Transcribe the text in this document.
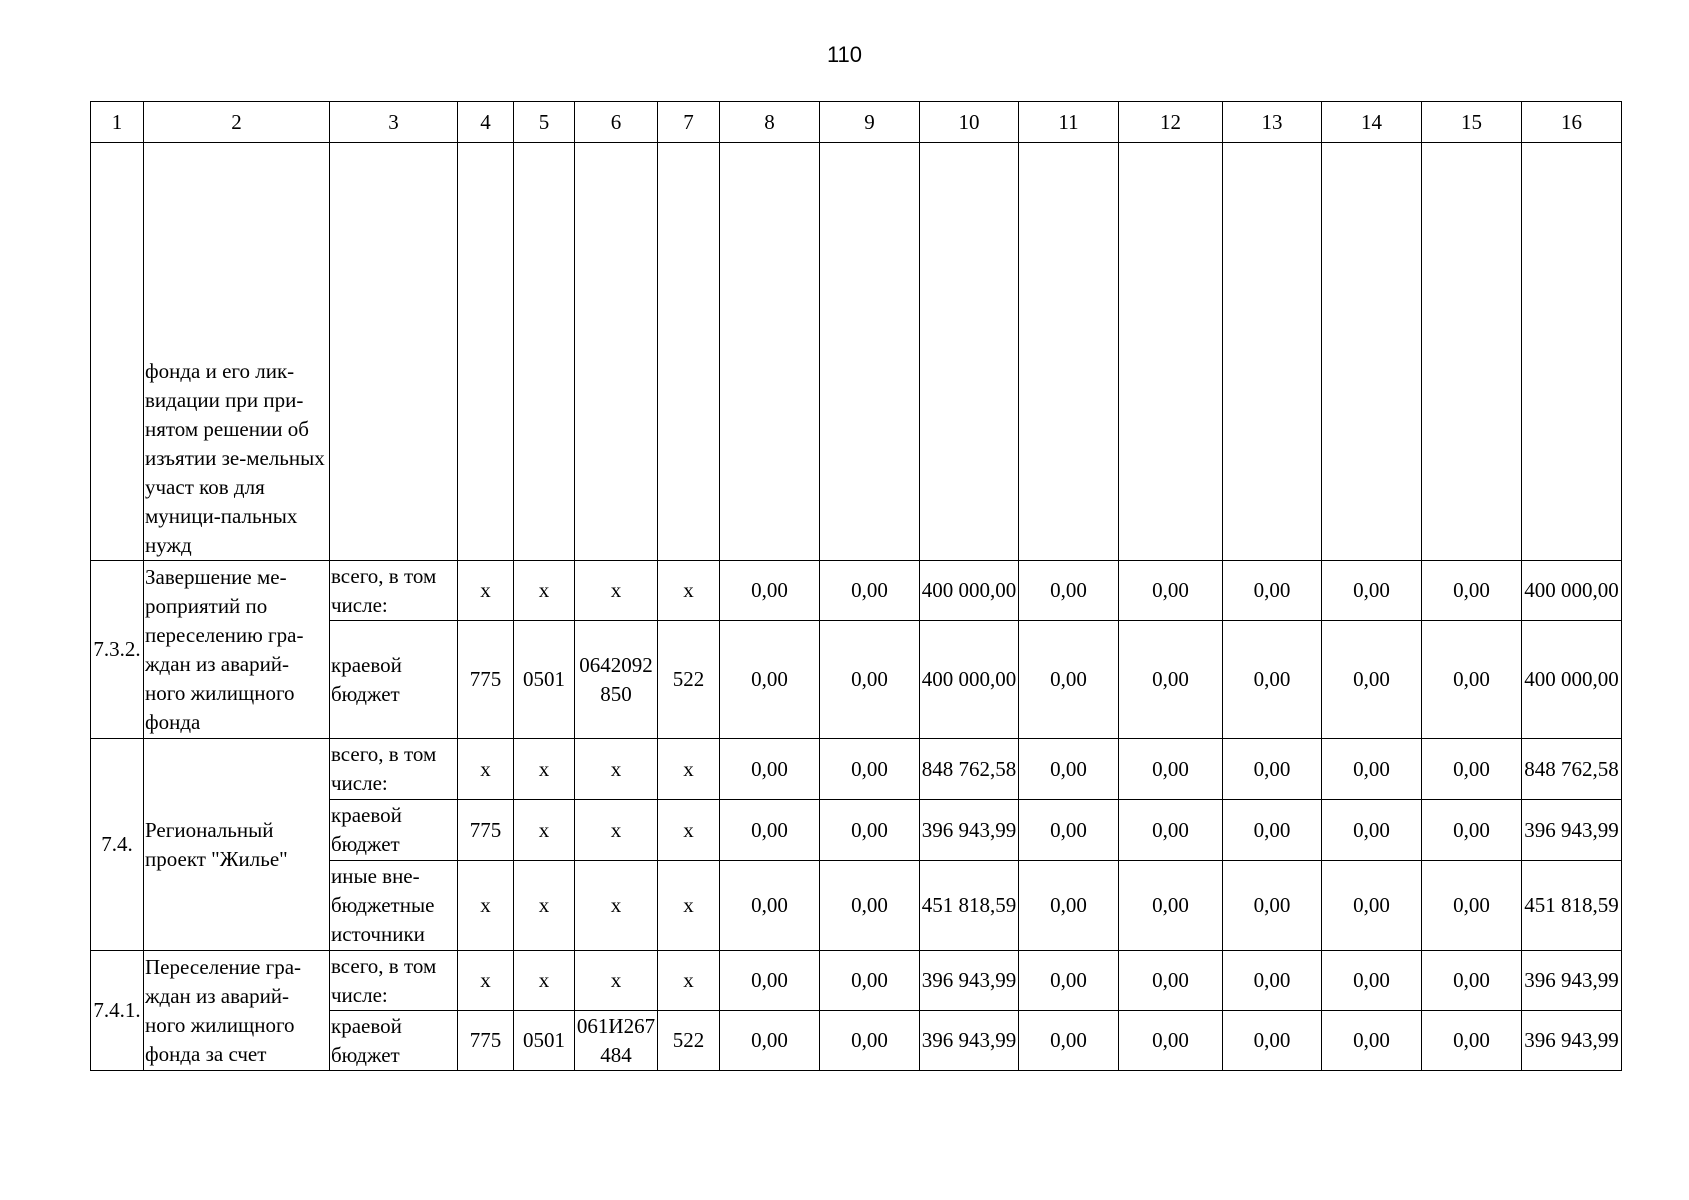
110
1	2	3	4	5	6	7	8	9	10	11	12	13	14	15	16
	фонда и его лик-видации при при-нятом решении об изъятии зе-мельных участ ков для муници-пальных нужд														
7.3.2.	Завершение ме-роприятий по переселению гра-ждан из аварий-ного жилищного фонда	всего, в том числе:	x	x	x	x	0,00	0,00	400 000,00	0,00	0,00	0,00	0,00	0,00	400 000,00
		краевой бюджет	775	0501	0642092850	522	0,00	0,00	400 000,00	0,00	0,00	0,00	0,00	0,00	400 000,00
7.4.	Региональный проект "Жилье"	всего, в том числе:	x	x	x	x	0,00	0,00	848 762,58	0,00	0,00	0,00	0,00	0,00	848 762,58
		краевой бюджет	775	x	x	x	0,00	0,00	396 943,99	0,00	0,00	0,00	0,00	0,00	396 943,99
		иные вне-бюджетные источники	x	x	x	x	0,00	0,00	451 818,59	0,00	0,00	0,00	0,00	0,00	451 818,59
7.4.1.	Переселение гра-ждан из аварий-ного жилищного фонда за счет	всего, в том числе:	x	x	x	x	0,00	0,00	396 943,99	0,00	0,00	0,00	0,00	0,00	396 943,99
		краевой бюджет	775	0501	061И267484	522	0,00	0,00	396 943,99	0,00	0,00	0,00	0,00	0,00	396 943,99
